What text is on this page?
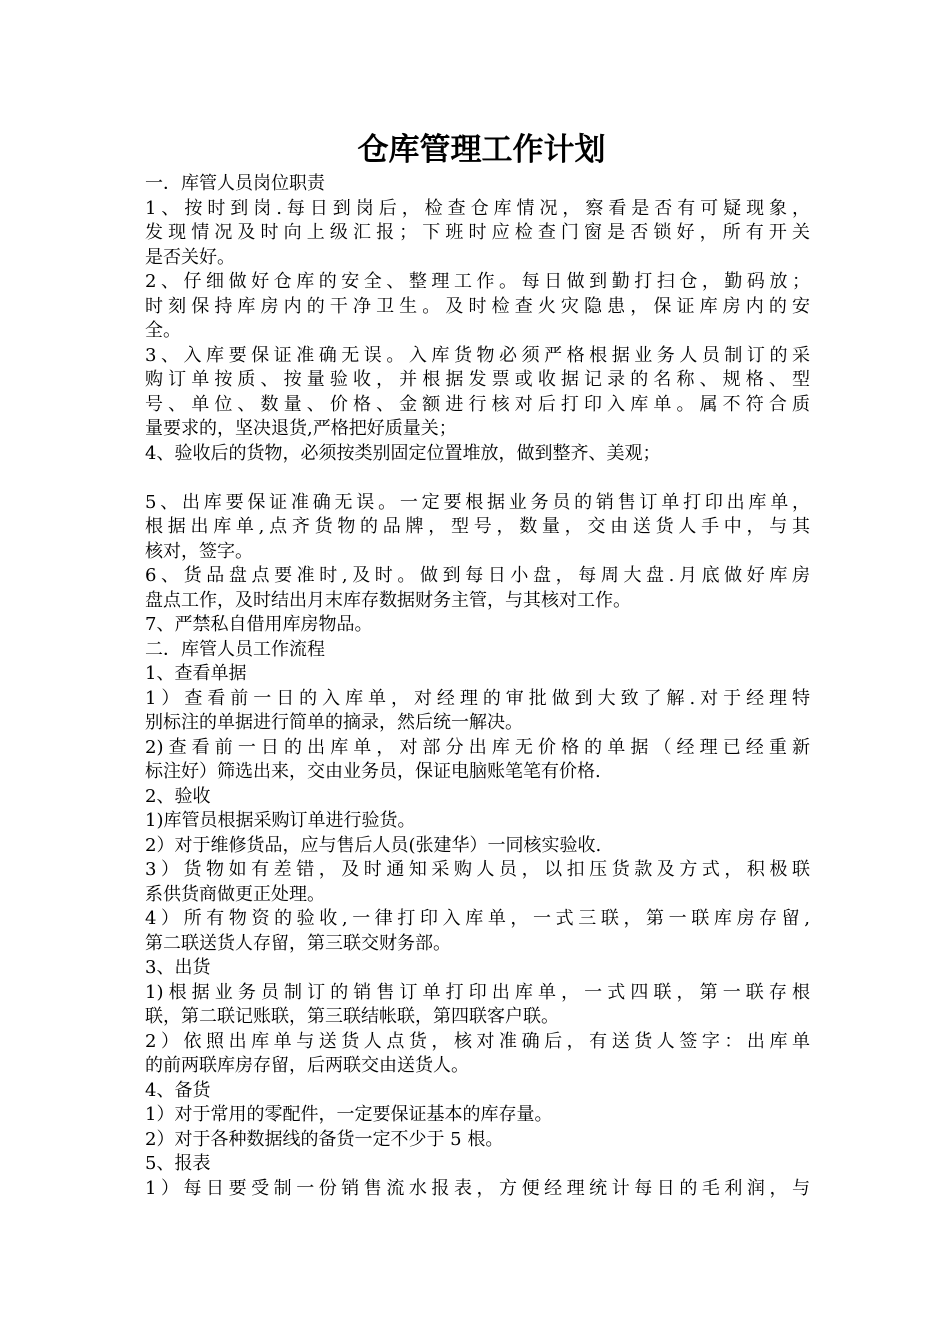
仓库管理工作计划
一．库管人员岗位职责
1、按时到岗.每日到岗后，检查仓库情况，察看是否有可疑现象，
发现情况及时向上级汇报；下班时应检查门窗是否锁好，所有开关
是否关好。
2、仔细做好仓库的安全、整理工作。每日做到勤打扫仓，勤码放；
时刻保持库房内的干净卫生。及时检查火灾隐患，保证库房内的安
全。
3、入库要保证准确无误。入库货物必须严格根据业务人员制订的采
购订单按质、按量验收，并根据发票或收据记录的名称、规格、型
号、单位、数量、价格、金额进行核对后打印入库单。属不符合质
量要求的，坚决退货,严格把好质量关；
4、验收后的货物，必须按类别固定位置堆放，做到整齐、美观；
5、出库要保证准确无误。一定要根据业务员的销售订单打印出库单，
根据出库单,点齐货物的品牌，型号，数量，交由送货人手中，与其
核对，签字。
6、货品盘点要准时,及时。做到每日小盘，每周大盘.月底做好库房
盘点工作，及时结出月末库存数据财务主管，与其核对工作。
7、严禁私自借用库房物品。
二．库管人员工作流程
1、查看单据
1）查看前一日的入库单，对经理的审批做到大致了解.对于经理特
别标注的单据进行简单的摘录，然后统一解决。
2)查看前一日的出库单，对部分出库无价格的单据（经理已经重新
标注好）筛选出来，交由业务员，保证电脑账笔笔有价格.
2、验收
1)库管员根据采购订单进行验货。
2）对于维修货品，应与售后人员(张建华）一同核实验收.
3）货物如有差错，及时通知采购人员，以扣压货款及方式，积极联
系供货商做更正处理。
4）所有物资的验收,一律打印入库单，一式三联，第一联库房存留,
第二联送货人存留，第三联交财务部。
3、出货
1)根据业务员制订的销售订单打印出库单，一式四联，第一联存根
联，第二联记账联，第三联结帐联，第四联客户联。
2）依照出库单与送货人点货，核对准确后，有送货人签字：出库单
的前两联库房存留，后两联交由送货人。
4、备货
1）对于常用的零配件，一定要保证基本的库存量。
2）对于各种数据线的备货一定不少于 5 根。
5、报表
1）每日要受制一份销售流水报表，方便经理统计每日的毛利润，与
